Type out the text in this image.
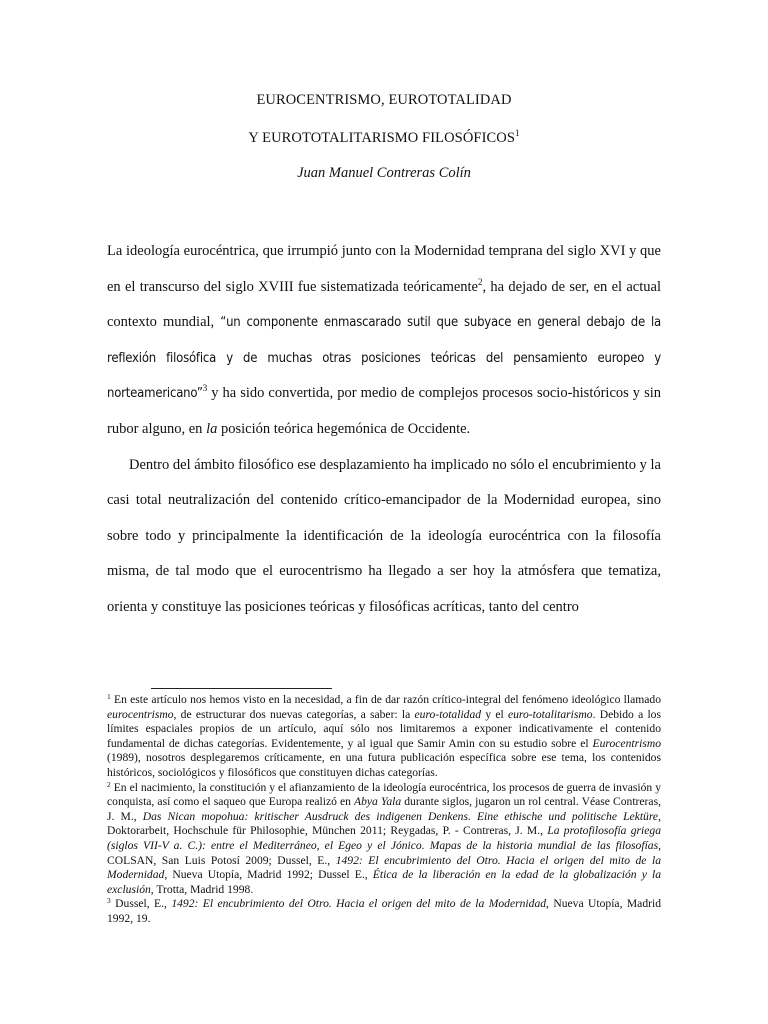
EUROCENTRISMO, EUROTOTALIDAD
Y EUROTOTALITARISMO FILOSÓFICOS$^1$
Juan Manuel Contreras Colín

La ideología eurocéntrica, que irrumpió junto con la Modernidad temprana del siglo XVI y que en el transcurso del siglo XVIII fue sistematizada teóricamente$^2$, ha dejado de ser, en el actual contexto mundial, “un componente enmascarado sutil que subyace en general debajo de la reflexión filosófica y de muchas otras posiciones teóricas del pensamiento europeo y norteamericano”$^3$ y ha sido convertida, por medio de complejos procesos socio-históricos y sin rubor alguno, en la posición teórica hegemónica de Occidente.

Dentro del ámbito filosófico ese desplazamiento ha implicado no sólo el encubrimiento y la casi total neutralización del contenido crítico-emancipador de la Modernidad europea, sino sobre todo y principalmente la identificación de la ideología eurocéntrica con la filosofía misma, de tal modo que el eurocentrismo ha llegado a ser hoy la atmósfera que tematiza, orienta y constituye las posiciones teóricas y filosóficas acríticas, tanto del centro

$^1$ En este artículo nos hemos visto en la necesidad, a fin de dar razón crítico-integral del fenómeno ideológico llamado eurocentrismo, de estructurar dos nuevas categorías, a saber: la euro-totalidad y el euro-totalitarismo. Debido a los límites espaciales propios de un artículo, aquí sólo nos limitaremos a exponer indicativamente el contenido fundamental de dichas categorías. Evidentemente, y al igual que Samir Amin con su estudio sobre el Eurocentrismo (1989), nosotros desplegaremos críticamente, en una futura publicación específica sobre ese tema, los contenidos históricos, sociológicos y filosóficos que constituyen dichas categorías.

$^2$ En el nacimiento, la constitución y el afianzamiento de la ideología eurocéntrica, los procesos de guerra de invasión y conquista, así como el saqueo que Europa realizó en Abya Yala durante siglos, jugaron un rol central. Véase Contreras, J. M., Das Nican mopohua: kritischer Ausdruck des indigenen Denkens. Eine ethische und politische Lektüre, Doktorarbeit, Hochschule für Philosophie, München 2011; Reygadas, P. - Contreras, J. M., La protofilosofía griega (siglos VII-V a. C.): entre el Mediterráneo, el Egeo y el Jónico. Mapas de la historia mundial de las filosofías, COLSAN, San Luis Potosí 2009; Dussel, E., 1492: El encubrimiento del Otro. Hacia el origen del mito de la Modernidad, Nueva Utopía, Madrid 1992; Dussel E., Ética de la liberación en la edad de la globalización y la exclusión, Trotta, Madrid 1998.

$^3$ Dussel, E., 1492: El encubrimiento del Otro. Hacia el origen del mito de la Modernidad, Nueva Utopía, Madrid 1992, 19.
